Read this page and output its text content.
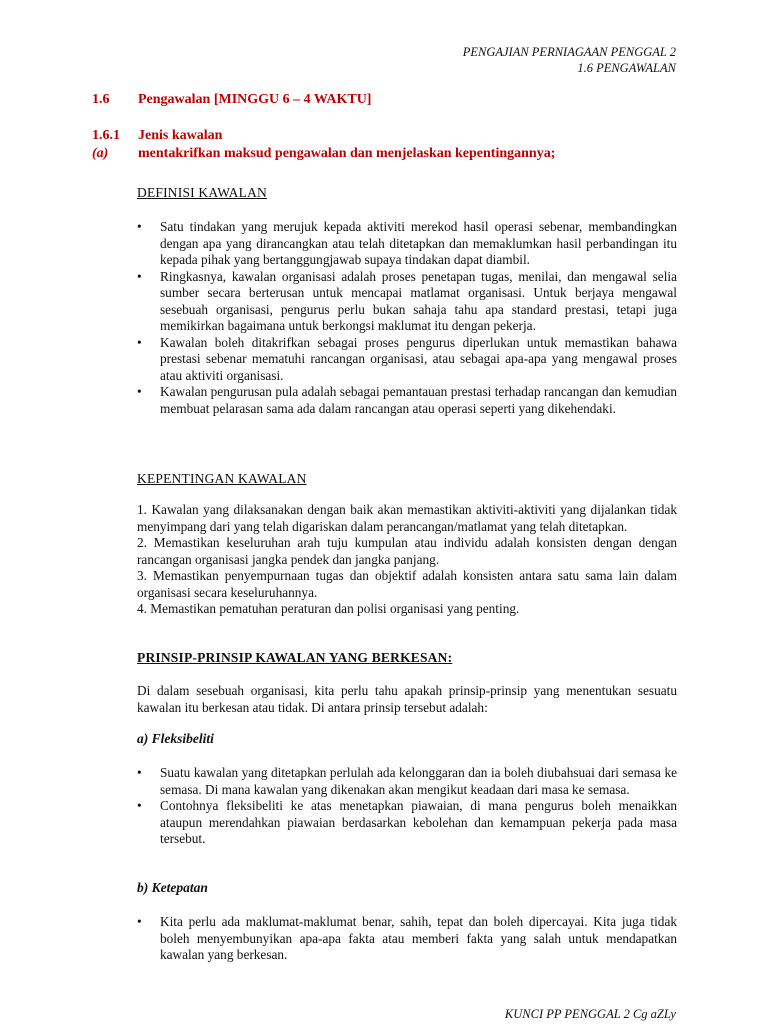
PENGAJIAN PERNIAGAAN PENGGAL 2
1.6 PENGAWALAN
1.6 Pengawalan [MINGGU 6 – 4 WAKTU]
1.6.1 Jenis kawalan
(a) mentakrifkan maksud pengawalan dan menjelaskan kepentingannya;
DEFINISI KAWALAN
• Satu tindakan yang merujuk kepada aktiviti merekod hasil operasi sebenar, membandingkan dengan apa yang dirancangkan atau telah ditetapkan dan memaklumkan hasil perbandingan itu kepada pihak yang bertanggungjawab supaya tindakan dapat diambil.
• Ringkasnya, kawalan organisasi adalah proses penetapan tugas, menilai, dan mengawal selia sumber secara berterusan untuk mencapai matlamat organisasi. Untuk berjaya mengawal sesebuah organisasi, pengurus perlu bukan sahaja tahu apa standard prestasi, tetapi juga memikirkan bagaimana untuk berkongsi maklumat itu dengan pekerja.
• Kawalan boleh ditakrifkan sebagai proses pengurus diperlukan untuk memastikan bahawa prestasi sebenar mematuhi rancangan organisasi, atau sebagai apa-apa yang mengawal proses atau aktiviti organisasi.
• Kawalan pengurusan pula adalah sebagai pemantauan prestasi terhadap rancangan dan kemudian membuat pelarasan sama ada dalam rancangan atau operasi seperti yang dikehendaki.
KEPENTINGAN KAWALAN
1. Kawalan yang dilaksanakan dengan baik akan memastikan aktiviti-aktiviti yang dijalankan tidak menyimpang dari yang telah digariskan dalam perancangan/matlamat yang telah ditetapkan.
2. Memastikan keseluruhan arah tuju kumpulan atau individu adalah konsisten dengan dengan rancangan organisasi jangka pendek dan jangka panjang.
3. Memastikan penyempurnaan tugas dan objektif adalah konsisten antara satu sama lain dalam organisasi secara keseluruhannya.
4. Memastikan pematuhan peraturan dan polisi organisasi yang penting.
PRINSIP-PRINSIP KAWALAN YANG BERKESAN:
Di dalam sesebuah organisasi, kita perlu tahu apakah prinsip-prinsip yang menentukan sesuatu kawalan itu berkesan atau tidak. Di antara prinsip tersebut adalah:
a) Fleksibeliti
• Suatu kawalan yang ditetapkan perlulah ada kelonggaran dan ia boleh diubahsuai dari semasa ke semasa. Di mana kawalan yang dikenakan akan mengikut keadaan dari masa ke semasa.
• Contohnya fleksibeliti ke atas menetapkan piawaian, di mana pengurus boleh menaikkan ataupun merendahkan piawaian berdasarkan kebolehan dan kemampuan pekerja pada masa tersebut.
b) Ketepatan
• Kita perlu ada maklumat-maklumat benar, sahih, tepat dan boleh dipercayai. Kita juga tidak boleh menyembunyikan apa-apa fakta atau memberi fakta yang salah untuk mendapatkan kawalan yang berkesan.
KUNCI PP PENGGAL 2 Cg aZLy
